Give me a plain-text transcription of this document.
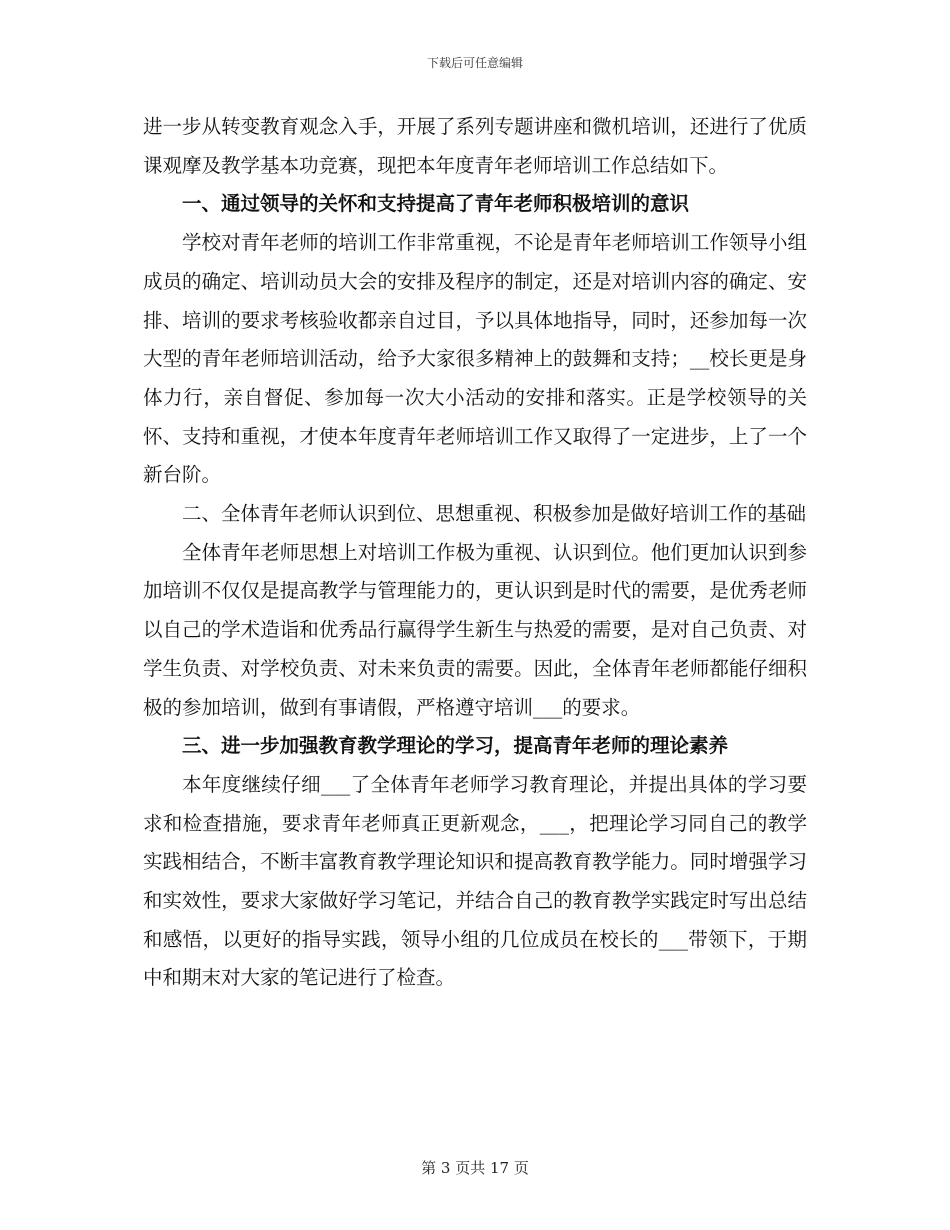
下载后可任意编辑

进一步从转变教育观念入手，开展了系列专题讲座和微机培训，还进行了优质课观摩及教学基本功竞赛，现把本年度青年老师培训工作总结如下。

一、通过领导的关怀和支持提高了青年老师积极培训的意识

学校对青年老师的培训工作非常重视，不论是青年老师培训工作领导小组成员的确定、培训动员大会的安排及程序的制定，还是对培训内容的确定、安排、培训的要求考核验收都亲自过目，予以具体地指导，同时，还参加每一次大型的青年老师培训活动，给予大家很多精神上的鼓舞和支持；__校长更是身体力行，亲自督促、参加每一次大小活动的安排和落实。正是学校领导的关怀、支持和重视，才使本年度青年老师培训工作又取得了一定进步，上了一个新台阶。

二、全体青年老师认识到位、思想重视、积极参加是做好培训工作的基础

全体青年老师思想上对培训工作极为重视、认识到位。他们更加认识到参加培训不仅仅是提高教学与管理能力的，更认识到是时代的需要，是优秀老师以自己的学术造诣和优秀品行赢得学生新生与热爱的需要，是对自己负责、对学生负责、对学校负责、对未来负责的需要。因此，全体青年老师都能仔细积极的参加培训，做到有事请假，严格遵守培训___的要求。

三、进一步加强教育教学理论的学习，提高青年老师的理论素养

本年度继续仔细___了全体青年老师学习教育理论，并提出具体的学习要求和检查措施，要求青年老师真正更新观念，___，把理论学习同自己的教学实践相结合，不断丰富教育教学理论知识和提高教育教学能力。同时增强学习和实效性，要求大家做好学习笔记，并结合自己的教育教学实践定时写出总结和感悟，以更好的指导实践，领导小组的几位成员在校长的___带领下，于期中和期末对大家的笔记进行了检查。

第 3 页共 17 页
